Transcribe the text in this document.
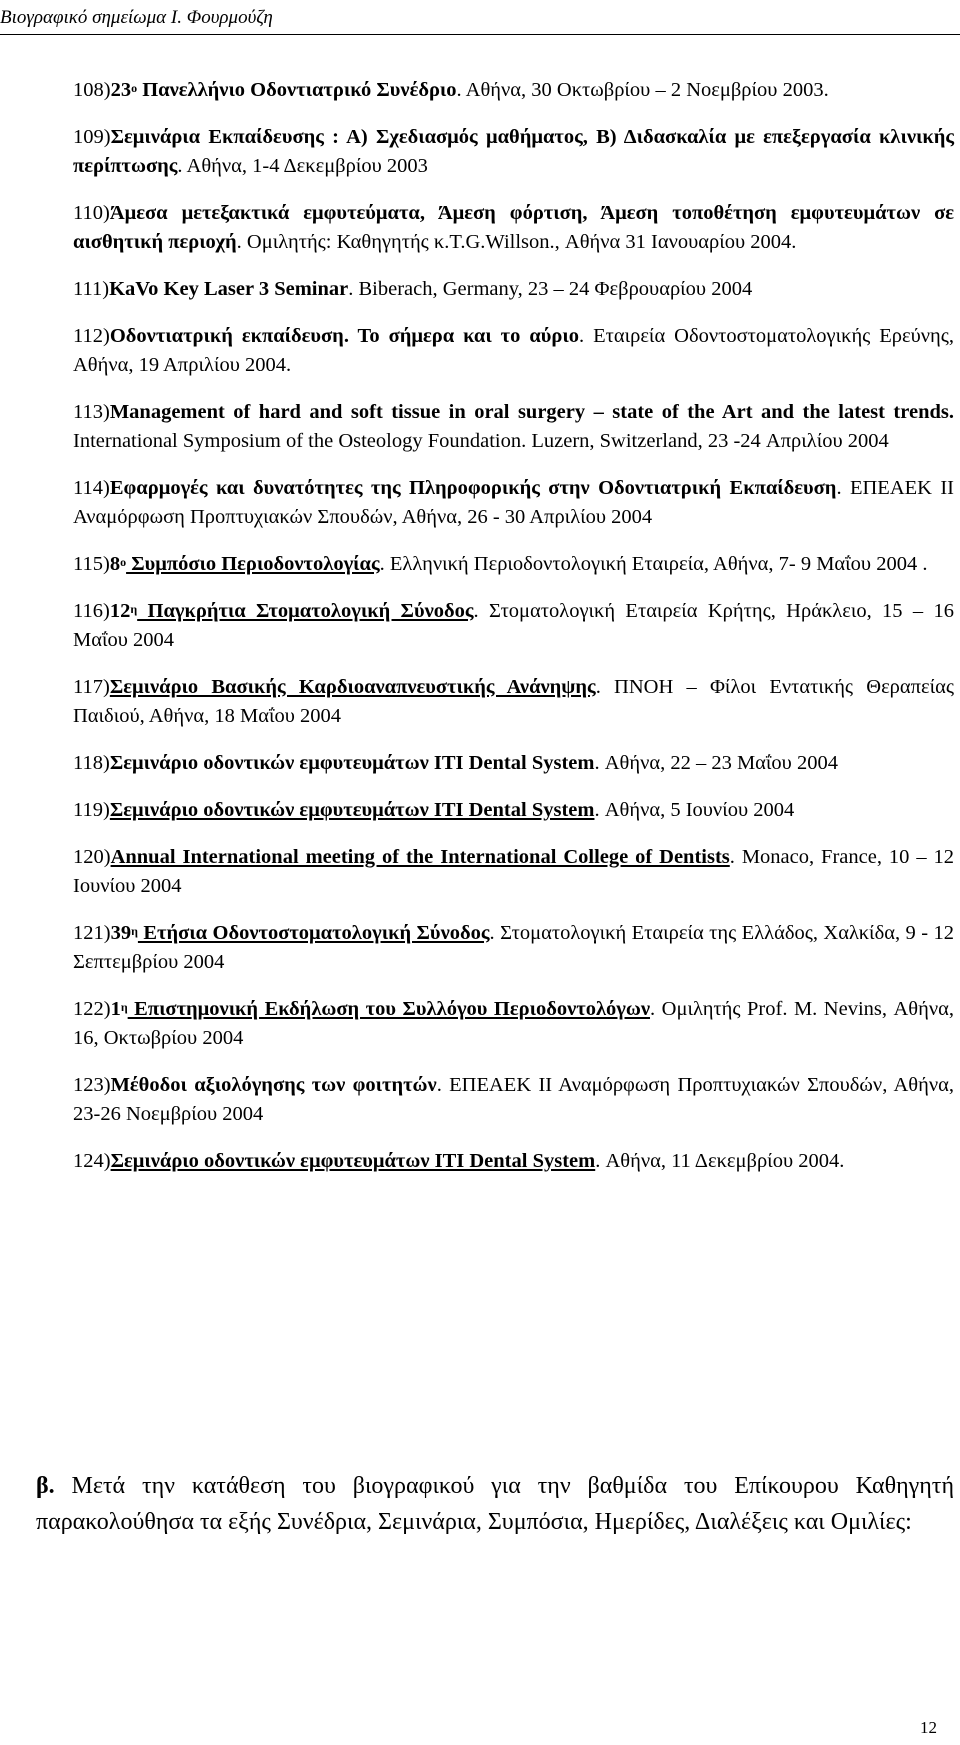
Βιογραφικό σημείωμα Ι. Φουρμούζη
$108)23^o$ Πανελλήνιο Οδοντιατρικό Συνέδριο. Αθήνα, 30 Οκτωβρίου – 2 Νοεμβρίου 2003.
109)Σεμινάρια Εκπαίδευσης : Α) Σχεδιασμός μαθήματος, Β) Διδασκαλία με επεξεργασία κλινικής περίπτωσης. Αθήνα, 1-4 Δεκεμβρίου 2003
110)Άμεσα μετεξακτικά εμφυτεύματα, Άμεση φόρτιση, Άμεση τοποθέτηση εμφυτευμάτων σε αισθητική περιοχή. Ομιλητής: Καθηγητής κ.T.G.Willson., Αθήνα 31 Ιανουαρίου 2004.
111)KaVo Key Laser 3 Seminar. Biberach, Germany, 23 – 24 Φεβρουαρίου 2004
112)Οδοντιατρική εκπαίδευση. Το σήμερα και το αύριο. Εταιρεία Οδοντοστοματολογικής Ερεύνης, Αθήνα, 19 Απριλίου 2004.
113)Management of hard and soft tissue in oral surgery – state of the Art and the latest trends. International Symposium of the Osteology Foundation. Luzern, Switzerland, 23 -24 Απριλίου 2004
114)Εφαρμογές και δυνατότητες της Πληροφορικής στην Οδοντιατρική Εκπαίδευση. ΕΠΕΑΕΚ ΙΙ Αναμόρφωση Προπτυχιακών Σπουδών, Αθήνα, 26 - 30 Απριλίου 2004
$115)8^o$ Συμπόσιο Περιοδοντολογίας. Ελληνική Περιοδοντολογική Εταιρεία, Αθήνα, 7- 9 Μαΐου 2004 .
$116)12^\eta$ Παγκρήτια Στοματολογική Σύνοδος. Στοματολογική Εταιρεία Κρήτης, Ηράκλειο, 15 – 16 Μαΐου 2004
117)Σεμινάριο Βασικής Καρδιοαναπνευστικής Ανάνηψης. ΠΝΟΗ – Φίλοι Εντατικής Θεραπείας Παιδιού, Αθήνα, 18 Μαΐου 2004
118)Σεμινάριο οδοντικών εμφυτευμάτων ITI Dental System. Αθήνα, 22 – 23 Μαΐου 2004
119)Σεμινάριο οδοντικών εμφυτευμάτων ITI Dental System. Αθήνα, 5 Ιουνίου 2004
120)Annual International meeting of the International College of Dentists. Monaco, France, 10 – 12 Ιουνίου 2004
$121)39^\eta$ Ετήσια Οδοντοστοματολογική Σύνοδος. Στοματολογική Εταιρεία της Ελλάδος, Χαλκίδα, 9 - 12 Σεπτεμβρίου 2004
$122)1^\eta$ Επιστημονική Εκδήλωση του Συλλόγου Περιοδοντολόγων. Ομιλητής Prof. M. Nevins, Αθήνα, 16, Οκτωβρίου 2004
123)Μέθοδοι αξιολόγησης των φοιτητών. ΕΠΕΑΕΚ ΙΙ Αναμόρφωση Προπτυχιακών Σπουδών, Αθήνα, 23-26 Νοεμβρίου 2004
124)Σεμινάριο οδοντικών εμφυτευμάτων ITI Dental System. Αθήνα, 11 Δεκεμβρίου 2004.
β. Μετά την κατάθεση του βιογραφικού για την βαθμίδα του Επίκουρου Καθηγητή παρακολούθησα τα εξής Συνέδρια, Σεμινάρια, Συμπόσια, Ημερίδες, Διαλέξεις και Ομιλίες:
12
